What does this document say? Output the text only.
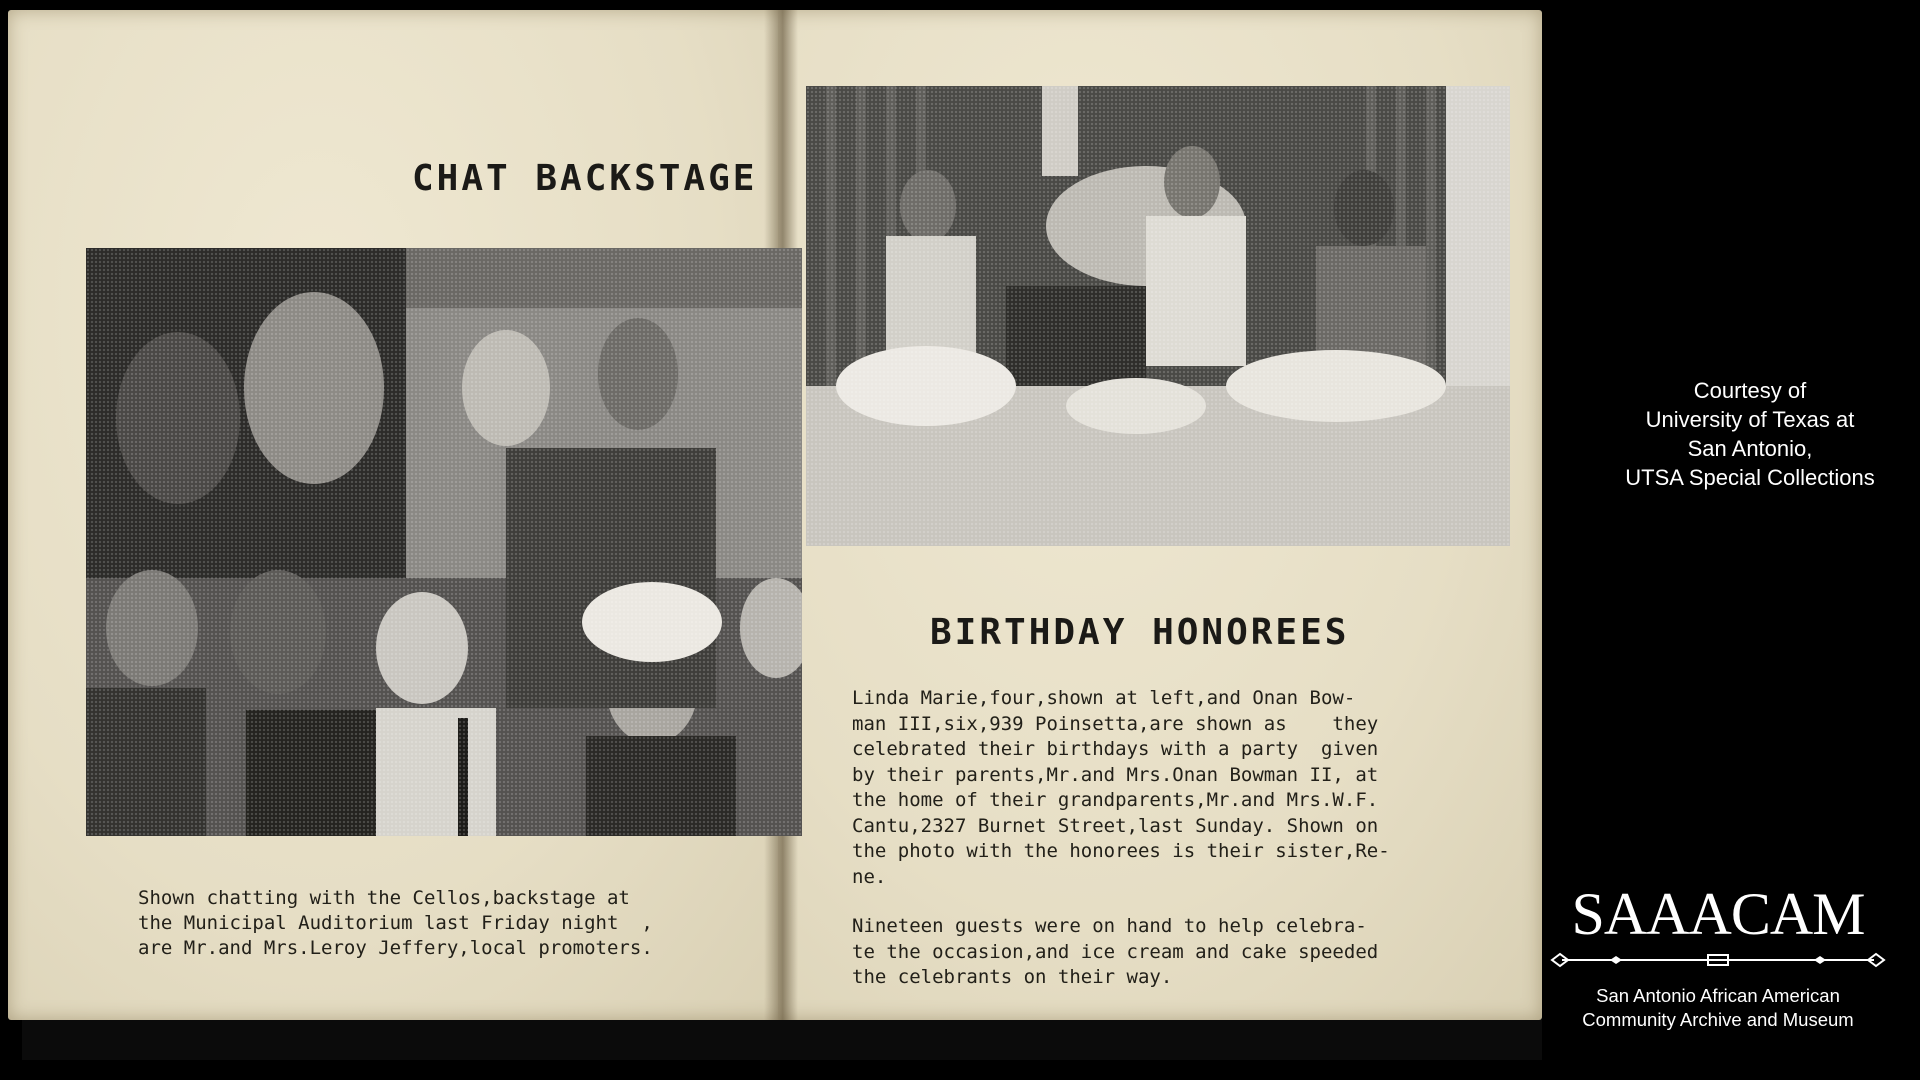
CHAT BACKSTAGE

Shown chatting with the Cellos,backstage at
the Municipal Auditorium last Friday night  ,
are Mr.and Mrs.Leroy Jeffery,local promoters.

BIRTHDAY HONOREES

Linda Marie,four,shown at left,and Onan Bow-
man III,six,939 Poinsetta,are shown as    they
celebrated their birthdays with a party  given
by their parents,Mr.and Mrs.Onan Bowman II, at
the home of their grandparents,Mr.and Mrs.W.F.
Cantu,2327 Burnet Street,last Sunday. Shown on
the photo with the honorees is their sister,Re-
ne.

Nineteen guests were on hand to help celebra-
te the occasion,and ice cream and cake speeded
the celebrants on their way.

Courtesy of
University of Texas at
San Antonio,
UTSA Special Collections
SAAACAM
San Antonio African American
Community Archive and Museum
